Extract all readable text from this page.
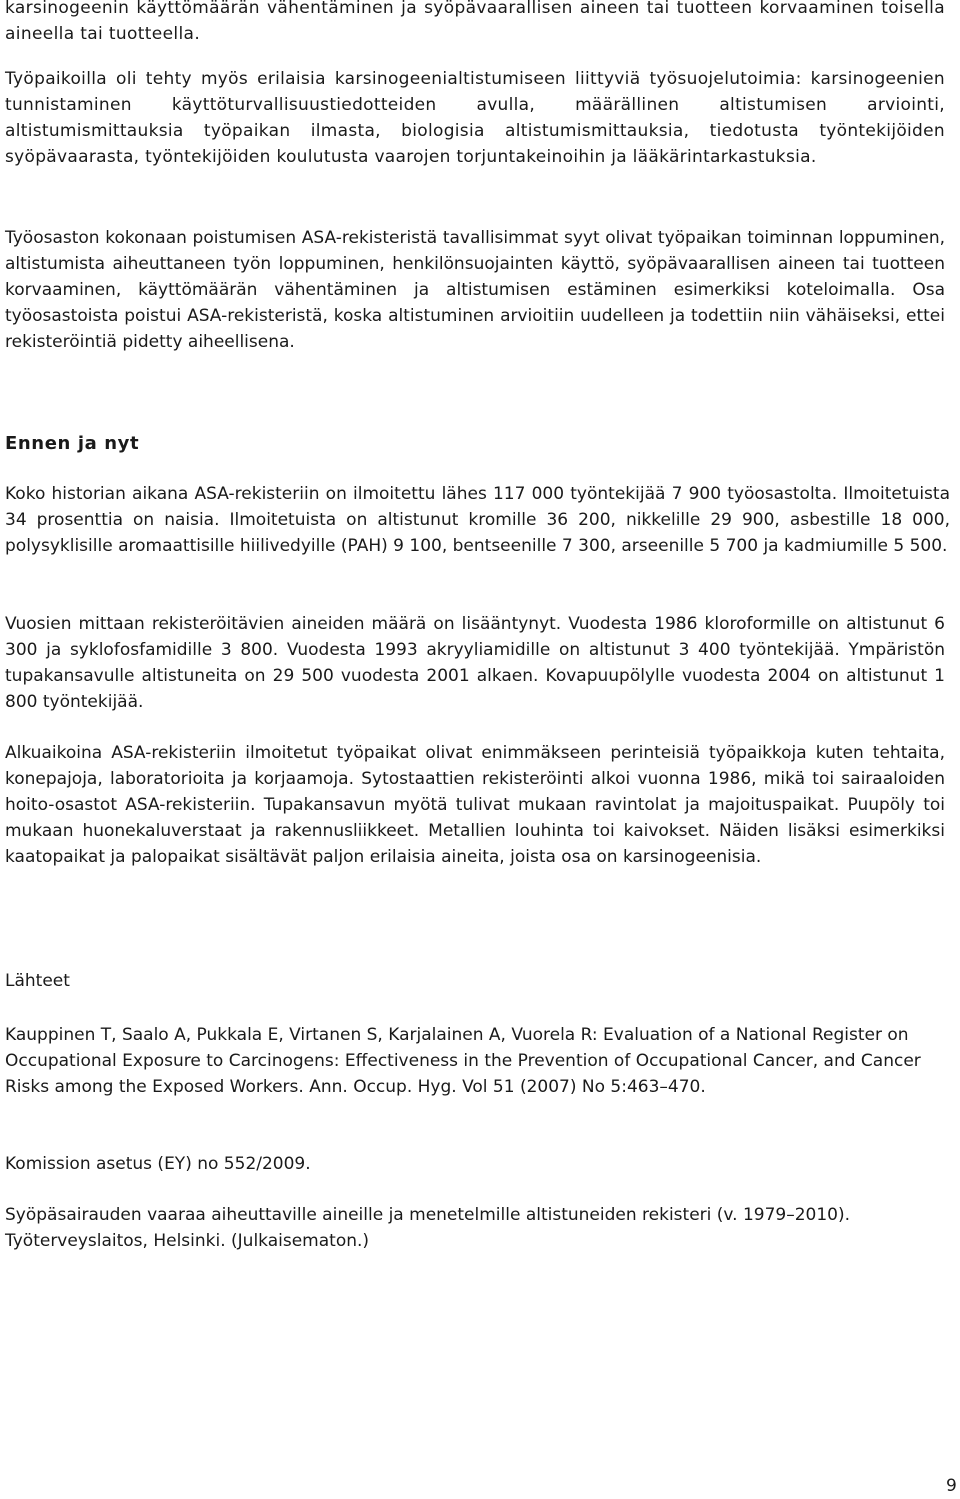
karsinogeenin käyttömäärän vähentäminen ja syöpävaarallisen aineen tai tuotteen korvaaminen toisella aineella tai tuotteella.

Työpaikoilla oli tehty myös erilaisia karsinogeenialtistumiseen liittyviä työsuojelutoimia: karsinogeenien tunnistaminen käyttöturvallisuustiedotteiden avulla, määrällinen altistumisen arviointi, altistumismittauksia työpaikan ilmasta, biologisia altistumismittauksia, tiedotusta työntekijöiden syöpävaarasta, työntekijöiden koulutusta vaarojen torjuntakeinoihin ja lääkärintarkastuksia.

Työosaston kokonaan poistumisen ASA-rekisteristä tavallisimmat syyt olivat työpaikan toiminnan loppuminen, altistumista aiheuttaneen työn loppuminen, henkilönsuojainten käyttö, syöpävaarallisen aineen tai tuotteen korvaaminen, käyttömäärän vähentäminen ja altistumisen estäminen esimerkiksi koteloimalla. Osa työosastoista poistui ASA-rekisteristä, koska altistuminen arvioitiin uudelleen ja todettiin niin vähäiseksi, ettei rekisteröintiä pidetty aiheellisena.

Ennen ja nyt

Koko historian aikana ASA-rekisteriin on ilmoitettu lähes 117 000 työntekijää 7 900 työosastolta. Ilmoitetuista 34 prosenttia on naisia. Ilmoitetuista on altistunut kromille 36 200, nikkelille 29 900, asbestille 18 000, polysyklisille aromaattisille hiilivedyille (PAH) 9 100, bentseenille 7 300, arseenille 5 700 ja kadmiumille 5 500.

Vuosien mittaan rekisteröitävien aineiden määrä on lisääntynyt. Vuodesta 1986 kloroformille on altistunut 6 300 ja syklofosfamidille 3 800. Vuodesta 1993 akryyliamidille on altistunut 3 400 työntekijää. Ympäristön tupakansavulle altistuneita on 29 500 vuodesta 2001 alkaen. Kovapuupölylle vuodesta 2004 on altistunut 1 800 työntekijää.

Alkuaikoina ASA-rekisteriin ilmoitetut työpaikat olivat enimmäkseen perinteisiä työpaikkoja kuten tehtaita, konepajoja, laboratorioita ja korjaamoja. Sytostaattien rekisteröinti alkoi vuonna 1986, mikä toi sairaaloiden hoito-osastot ASA-rekisteriin. Tupakansavun myötä tulivat mukaan ravintolat ja majoituspaikat. Puupöly toi mukaan huonekaluverstaat ja rakennusliikkeet. Metallien louhinta toi kaivokset. Näiden lisäksi esimerkiksi kaatopaikat ja palopaikat sisältävät paljon erilaisia aineita, joista osa on karsinogeenisia.

Lähteet

Kauppinen T, Saalo A, Pukkala E, Virtanen S, Karjalainen A, Vuorela R: Evaluation of a National Register on Occupational Exposure to Carcinogens: Effectiveness in the Prevention of Occupational Cancer, and Cancer Risks among the Exposed Workers. Ann. Occup. Hyg. Vol 51 (2007) No 5:463–470.

Komission asetus (EY) no 552/2009.

Syöpäsairauden vaaraa aiheuttaville aineille ja menetelmille altistuneiden rekisteri (v. 1979–2010). Työterveyslaitos, Helsinki. (Julkaisematon.)

9
